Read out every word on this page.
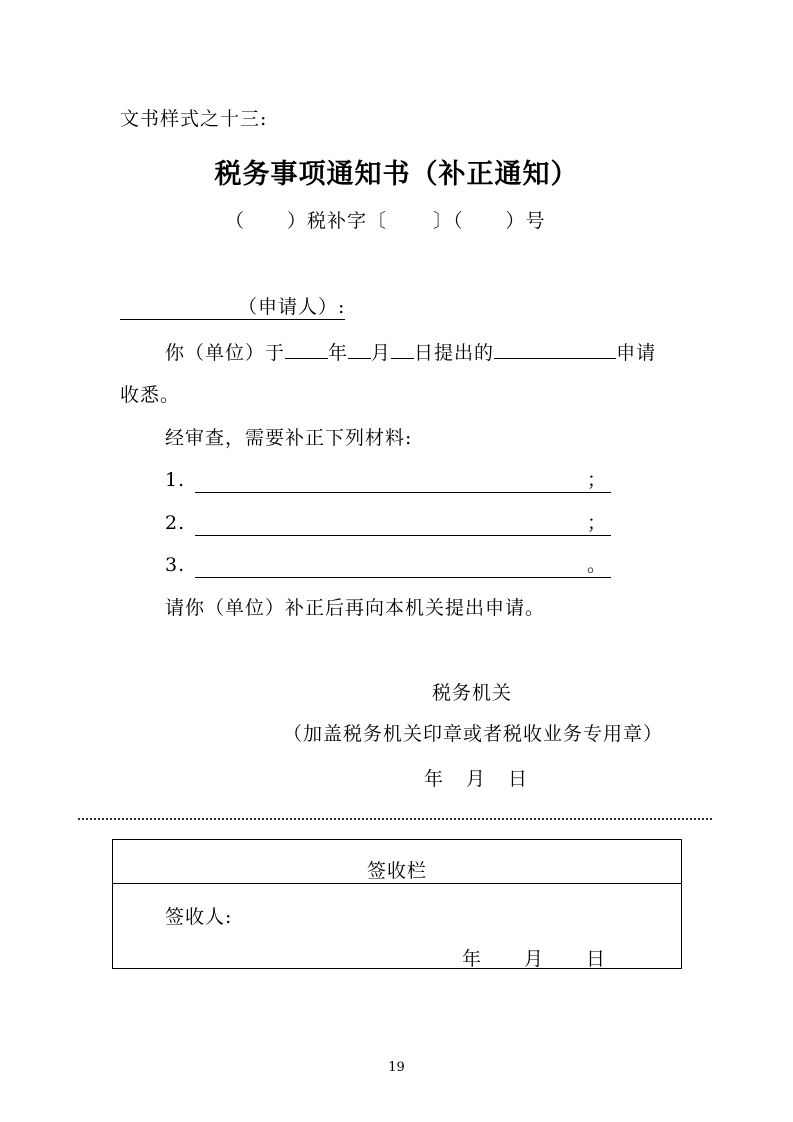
文书样式之十三:
税务事项通知书（补正通知）
（ ）税补字〔 〕（ ）号
（申请人）:
你（单位）于 年 月 日提出的	申请
收悉。
经审查，需要补正下列材料:
1.	；
2.	；
3.	。
请你（单位）补正后再向本机关提出申请。
税务机关
（加盖税务机关印章或者税收业务专用章）
年 月 日
签收栏
签收人:
年 月 日
19
